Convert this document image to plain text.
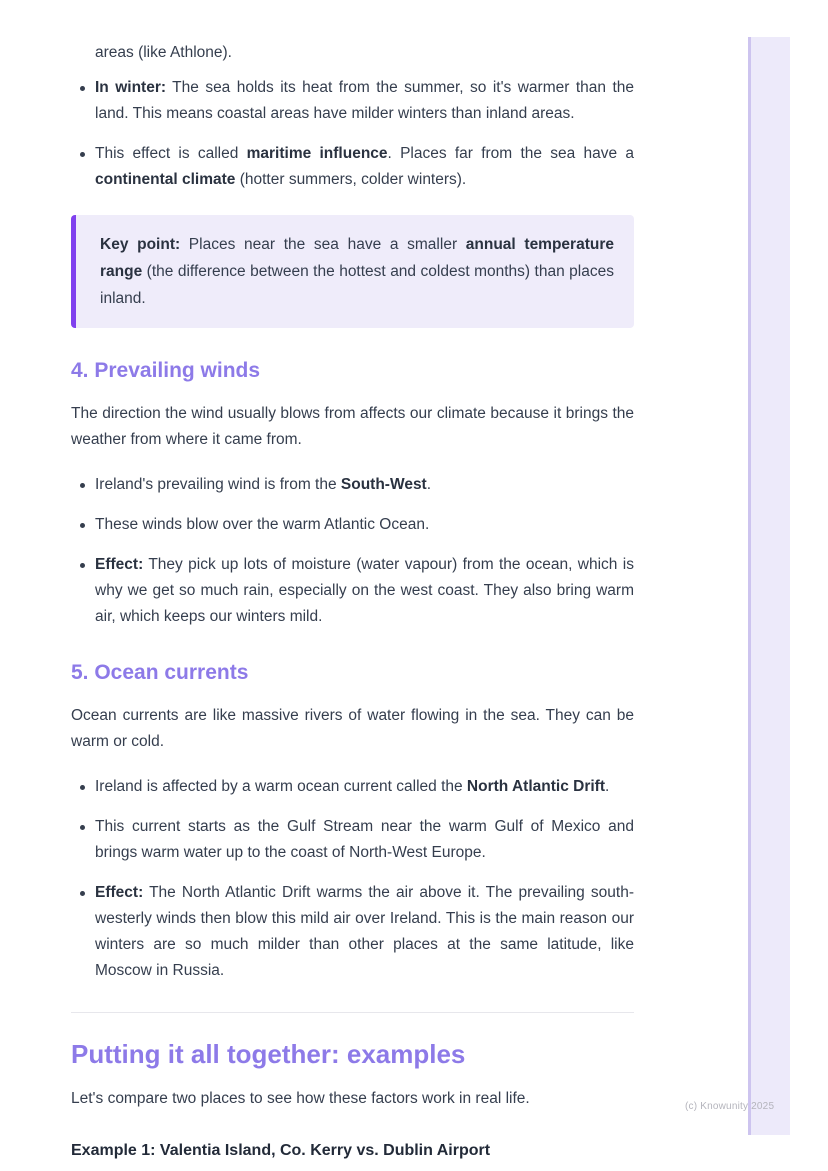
(c) Knowunity 2025

areas (like Athlone).

In winter: The sea holds its heat from the summer, so it's warmer than the land. This means coastal areas have milder winters than inland areas.
This effect is called maritime influence. Places far from the sea have a continental climate (hotter summers, colder winters).

Key point: Places near the sea have a smaller annual temperature range (the difference between the hottest and coldest months) than places inland.

4. Prevailing winds

The direction the wind usually blows from affects our climate because it brings the weather from where it came from.

Ireland's prevailing wind is from the South-West.
These winds blow over the warm Atlantic Ocean.
Effect: They pick up lots of moisture (water vapour) from the ocean, which is why we get so much rain, especially on the west coast. They also bring warm air, which keeps our winters mild.
5. Ocean currents

Ocean currents are like massive rivers of water flowing in the sea. They can be warm or cold.

Ireland is affected by a warm ocean current called the North Atlantic Drift.
This current starts as the Gulf Stream near the warm Gulf of Mexico and brings warm water up to the coast of North-West Europe.
Effect: The North Atlantic Drift warms the air above it. The prevailing south-westerly winds then blow this mild air over Ireland. This is the main reason our winters are so much milder than other places at the same latitude, like Moscow in Russia.
Putting it all together: examples

Let's compare two places to see how these factors work in real life.

Example 1: Valentia Island, Co. Kerry vs. Dublin Airport
